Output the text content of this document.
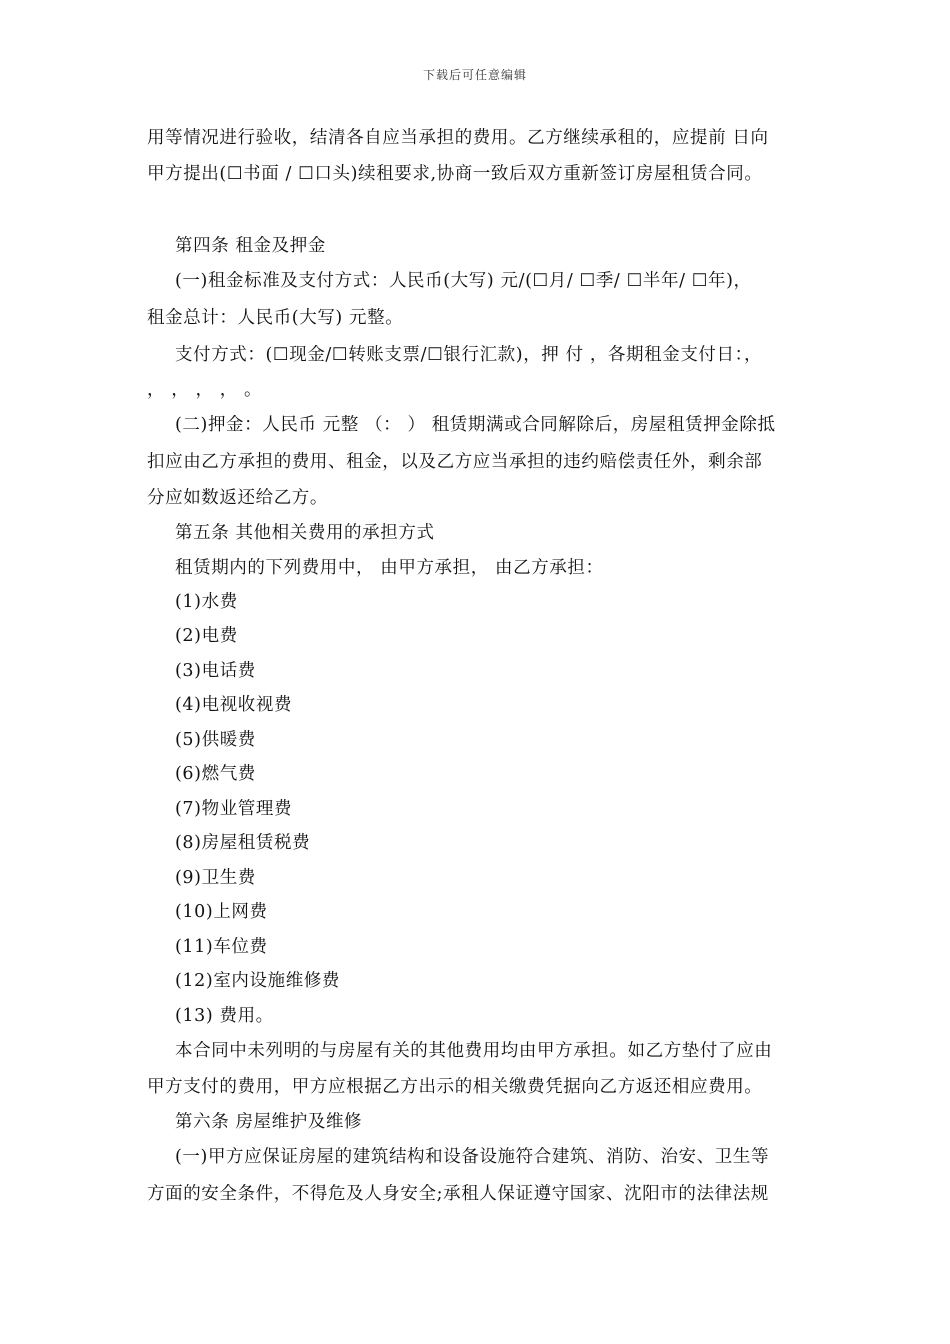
下载后可任意编辑
用等情况进行验收，结清各自应当承担的费用。乙方继续承租的，应提前 日向
甲方提出(☐书面 / ☐口头)续租要求,协商一致后双方重新签订房屋租赁合同。
第四条 租金及押金
(一)租金标准及支付方式：人民币(大写) 元/(☐月/ ☐季/ ☐半年/ ☐年)，
租金总计：人民币(大写) 元整。
支付方式：(☐现金/☐转账支票/☐银行汇款)，押 付 ，各期租金支付日：，
， ， ， ， 。
(二)押金：人民币 元整 （： ） 租赁期满或合同解除后，房屋租赁押金除抵
扣应由乙方承担的费用、租金，以及乙方应当承担的违约赔偿责任外，剩余部
分应如数返还给乙方。
第五条 其他相关费用的承担方式
租赁期内的下列费用中， 由甲方承担， 由乙方承担：
(1)水费
(2)电费
(3)电话费
(4)电视收视费
(5)供暖费
(6)燃气费
(7)物业管理费
(8)房屋租赁税费
(9)卫生费
(10)上网费
(11)车位费
(12)室内设施维修费
(13) 费用。
本合同中未列明的与房屋有关的其他费用均由甲方承担。如乙方垫付了应由
甲方支付的费用，甲方应根据乙方出示的相关缴费凭据向乙方返还相应费用。
第六条 房屋维护及维修
(一)甲方应保证房屋的建筑结构和设备设施符合建筑、消防、治安、卫生等
方面的安全条件，不得危及人身安全;承租人保证遵守国家、沈阳市的法律法规
